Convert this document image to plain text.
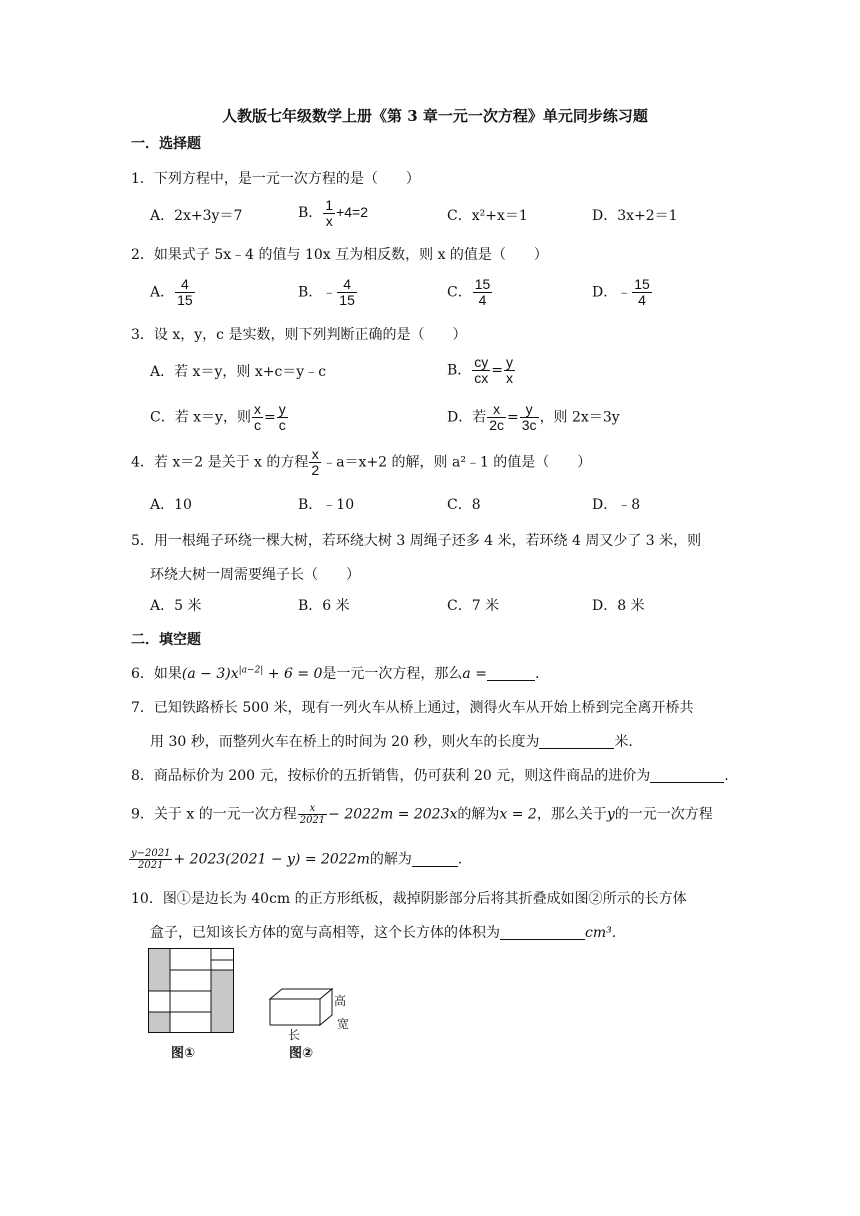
人教版七年级数学上册《第 3 章一元一次方程》单元同步练习题
一．选择题
1．下列方程中，是一元一次方程的是（　　）
A．2x+3y＝7	B． $\frac{1}{x} +4=2$	C．x²+x＝1	D．3x+2＝1
2．如果式子 5x﹣4 的值与 10x 互为相反数，则 x 的值是（　　）
A． $\frac{4}{15}$	B．﹣ $\frac{4}{15}$	C． $\frac{15}{4}$	D．﹣ $\frac{15}{4}$
3．设 x，y，c 是实数，则下列判断正确的是（　　）
A．若 x＝y，则 x+c＝y﹣c	B． $\frac{cy}{cx} = \frac{y}{x}$
C．若 x＝y，则 $\frac{x}{c} = \frac{y}{c}$	D．若 $\frac{x}{2c} = \frac{y}{3c}$ ，则 2x＝3y
4．若 x＝2 是关于 x 的方程 $\frac{x}{2}$ ﹣a＝x+2 的解，则 a²﹣1 的值是（　　）
A．10	B．﹣10	C．8	D．﹣8
5．用一根绳子环绕一棵大树，若环绕大树 3 周绳子还多 4 米，若环绕 4 周又少了 3 米，则
环绕大树一周需要绳子长（　　）
A．5 米	B．6 米	C．7 米	D．8 米
二．填空题
6．如果$(a - 3)x^{|a-2|} + 6 = 0$是一元一次方程，那么a =	.
7．已知铁路桥长 500 米，现有一列火车从桥上通过，测得火车从开始上桥到完全离开桥共
用 30 秒，而整列火车在桥上的时间为 20 秒，则火车的长度为	米.
8．商品标价为 200 元，按标价的五折销售，仍可获利 20 元，则这件商品的进价为	.
9．关于 x 的一元一次方程 $\frac{x}{2021} - 2022m = 2023x$的解为x = 2，那么关于y的一元一次方程
$\frac{y-2021}{2021} + 2023(2021 - y) = 2022m$的解为	.
10．图①是边长为 40cm 的正方形纸板，裁掉阴影部分后将其折叠成如图②所示的长方体
盒子，已知该长方体的宽与高相等，这个长方体的体积为	cm³.
图①
高
宽
长
图②
